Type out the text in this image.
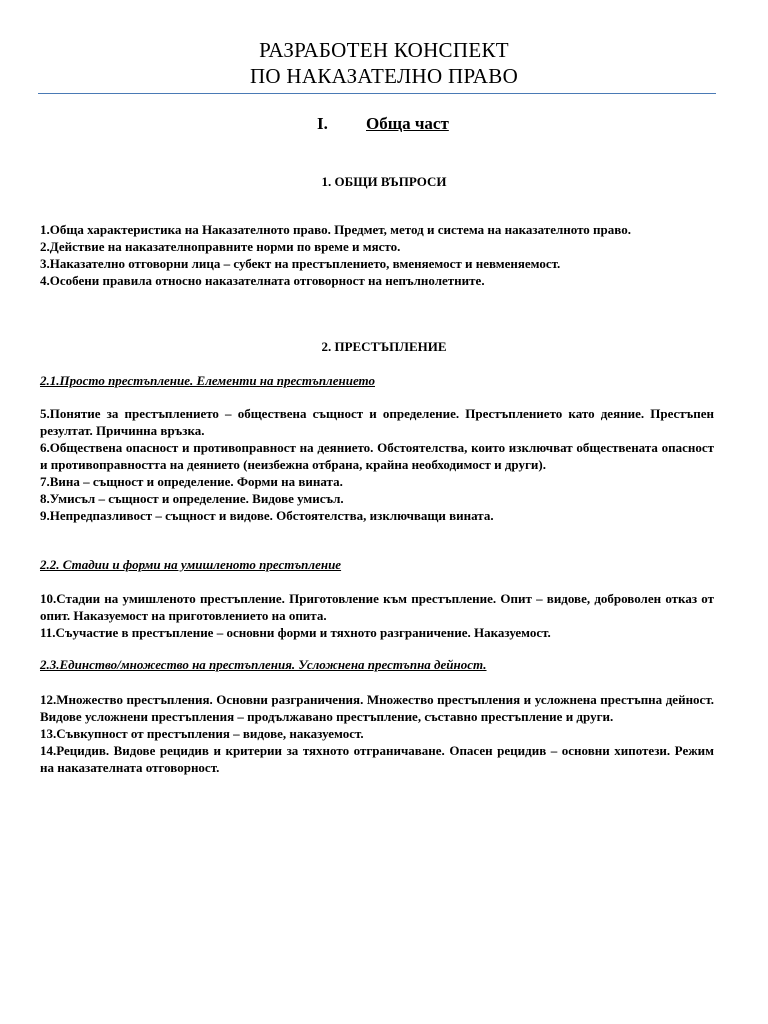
РАЗРАБОТЕН КОНСПЕКТ
ПО НАКАЗАТЕЛНО ПРАВО
I. Обща част
1. ОБЩИ ВЪПРОСИ
1.Обща характеристика на Наказателното право. Предмет, метод и система на наказателното право.
2.Действие на наказателноправните норми по време и място.
3.Наказателно отговорни лица – субект на престъплението, вменяемост и невменяемост.
4.Особени правила относно наказателната отговорност на непълнолетните.
2. ПРЕСТЪПЛЕНИЕ
2.1.Просто престъпление. Елементи на престъплението
5.Понятие за престъплението – обществена същност и определение. Престъплението като деяние. Престъпен резултат. Причинна връзка.
6.Обществена опасност и противоправност на деянието. Обстоятелства, които изключват обществената опасност и противоправността на деянието (неизбежна отбрана, крайна необходимост и други).
7.Вина – същност и определение. Форми на вината.
8.Умисъл – същност и определение. Видове умисъл.
9.Непредпазливост – същност и видове. Обстоятелства, изключващи вината.
2.2. Стадии и форми на умишленото престъпление
10.Стадии на умишленото престъпление. Приготовление към престъпление. Опит – видове, доброволен отказ от опит. Наказуемост на приготовлението на опита.
11.Съучастие в престъпление – основни форми и тяхното разграничение. Наказуемост.
2.3.Единство/множество на престъпления. Усложнена престъпна дейност.
12.Множество престъпления. Основни разграничения. Множество престъпления и усложнена престъпна дейност. Видове усложнени престъпления – продължавано престъпление, съставно престъпление и други.
13.Съвкупност от престъпления – видове, наказуемост.
14.Рецидив. Видове рецидив и критерии за тяхното отграничаване. Опасен рецидив – основни хипотези. Режим на наказателната отговорност.
